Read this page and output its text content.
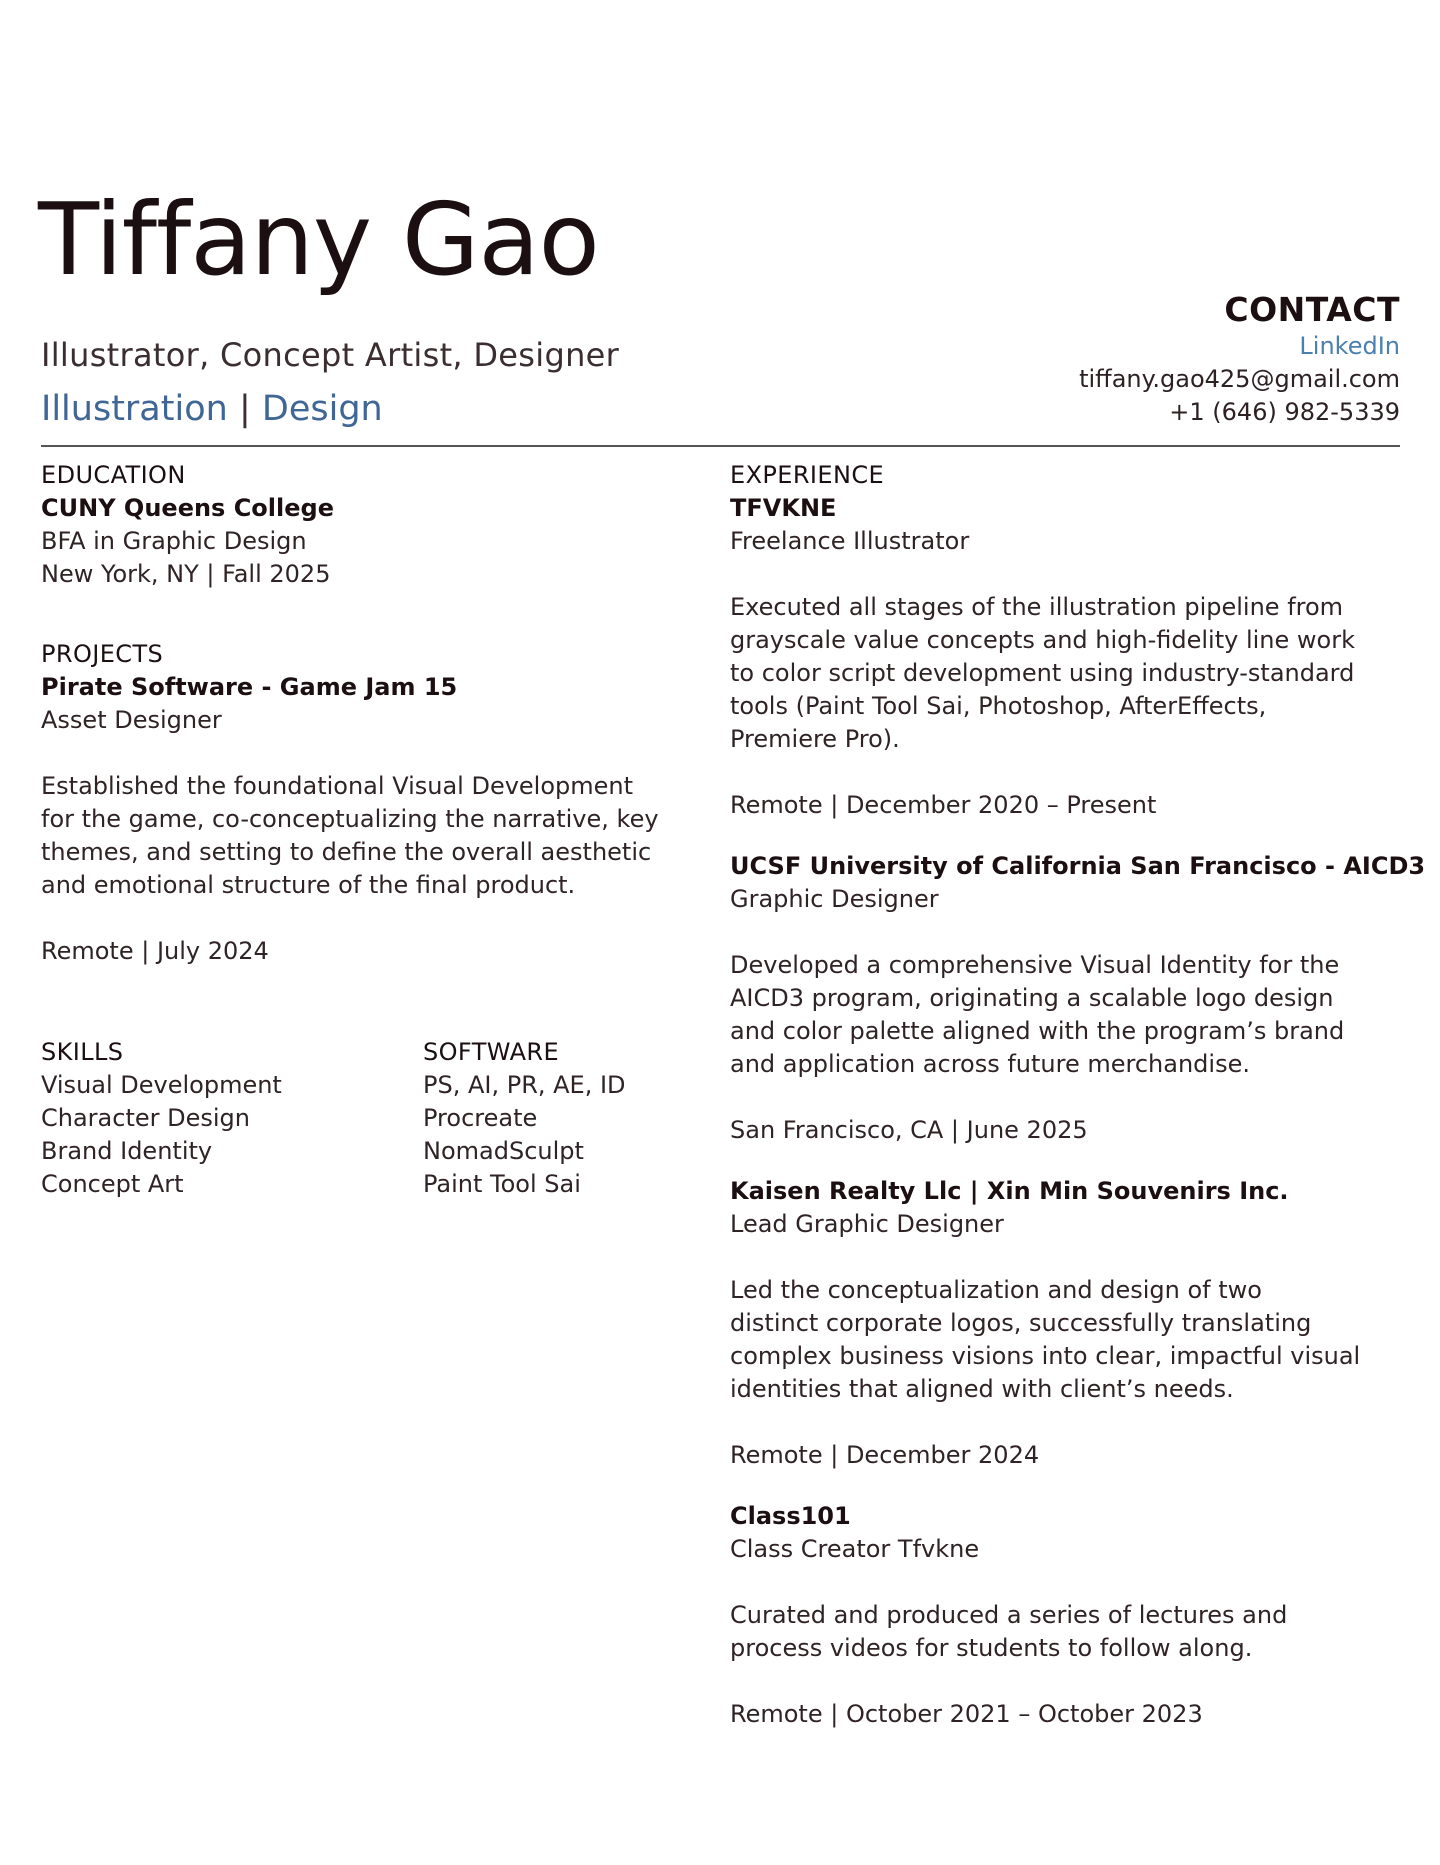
Tiffany Gao
Illustrator, Concept Artist, Designer
Illustration | Design
CONTACT
LinkedIn
tiffany.gao425@gmail.com
+1 (646) 982-5339
EDUCATION
CUNY Queens College
BFA in Graphic Design
New York, NY | Fall 2025
PROJECTS
Pirate Software - Game Jam 15
Asset Designer
Established the foundational Visual Development
for the game, co-conceptualizing the narrative, key
themes, and setting to define the overall aesthetic
and emotional structure of the final product.
Remote | July 2024
SKILLS
Visual Development
Character Design
Brand Identity
Concept Art
SOFTWARE
PS, AI, PR, AE, ID
Procreate
NomadSculpt
Paint Tool Sai
EXPERIENCE
TFVKNE
Freelance Illustrator
Executed all stages of the illustration pipeline from
grayscale value concepts and high-fidelity line work
to color script development using industry-standard
tools (Paint Tool Sai, Photoshop, AfterEffects,
Premiere Pro).
Remote | December 2020 – Present
UCSF University of California San Francisco - AICD3
Graphic Designer
Developed a comprehensive Visual Identity for the
AICD3 program, originating a scalable logo design
and color palette aligned with the program’s brand
and application across future merchandise.
San Francisco, CA | June 2025
Kaisen Realty Llc | Xin Min Souvenirs Inc.
Lead Graphic Designer
Led the conceptualization and design of two
distinct corporate logos, successfully translating
complex business visions into clear, impactful visual
identities that aligned with client’s needs.
Remote | December 2024
Class101
Class Creator Tfvkne
Curated and produced a series of lectures and
process videos for students to follow along.
Remote | October 2021 – October 2023
